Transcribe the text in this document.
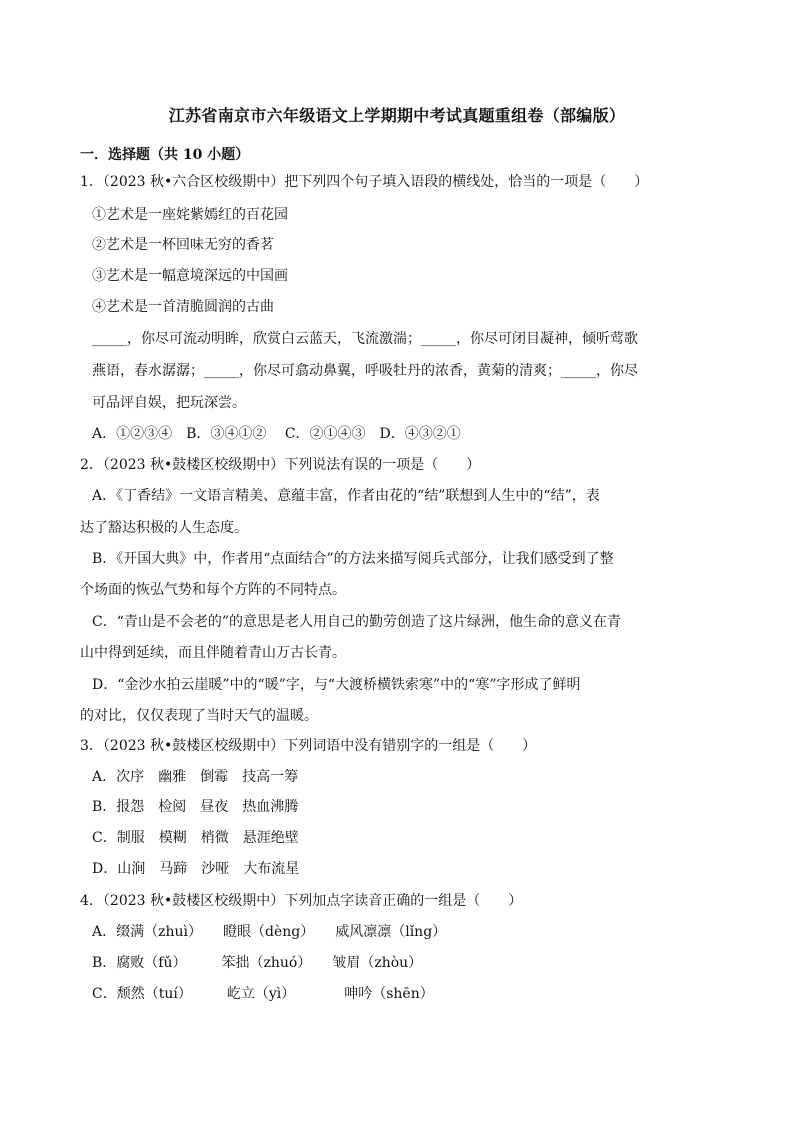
江苏省南京市六年级语文上学期期中考试真题重组卷（部编版）
一．选择题（共 10 小题）
1．（2023 秋•六合区校级期中）把下列四个句子填入语段的横线处，恰当的一项是（　　）
①艺术是一座姹紫嫣红的百花园
②艺术是一杯回味无穷的香茗
③艺术是一幅意境深远的中国画
④艺术是一首清脆圆润的古曲
_____，你尽可流动明眸，欣赏白云蓝天，飞流激湍；_____，你尽可闭目凝神，倾听莺歌
燕语，春水潺潺；_____，你尽可翕动鼻翼，呼吸牡丹的浓香，黄菊的清爽；_____，你尽
可品评自娱，把玩深尝。
A．①②③④　B．③④①②　 C．②①④③　D．④③②①
2．（2023 秋•鼓楼区校级期中）下列说法有误的一项是（　　）
A．《丁香结》一文语言精美、意蕴丰富，作者由花的“结”联想到人生中的“结”，表
达了豁达积极的人生态度。
B．《开国大典》中，作者用“点面结合”的方法来描写阅兵式部分，让我们感受到了整
个场面的恢弘气势和每个方阵的不同特点。
C．“青山是不会老的”的意思是老人用自己的勤劳创造了这片绿洲，他生命的意义在青
山中得到延续，而且伴随着青山万古长青。
D．“金沙水拍云崖暖”中的“暖”字，与“大渡桥横铁索寒”中的“寒”字形成了鲜明
的对比，仅仅表现了当时天气的温暖。
3．（2023 秋•鼓楼区校级期中）下列词语中没有错别字的一组是（　　）
A．次序　幽雅　倒霉　技高一筹
B．报怨　检阅　昼夜　热血沸腾
C．制服　模糊　梢微　悬涯绝壁
D．山涧　马蹄　沙哑　大布流星
4．（2023 秋•鼓楼区校级期中）下列加点字读音正确的一组是（　　）
A．缀满（zhuì）　　瞪眼（dèng）　　威风凛凛（lǐng）
B．腐败（fǔ）　　　笨拙（zhuó）　　皱眉（zhòu）
C．颓然（tuí）　　　屹立（yì）　　　　呻吟（shēn）
